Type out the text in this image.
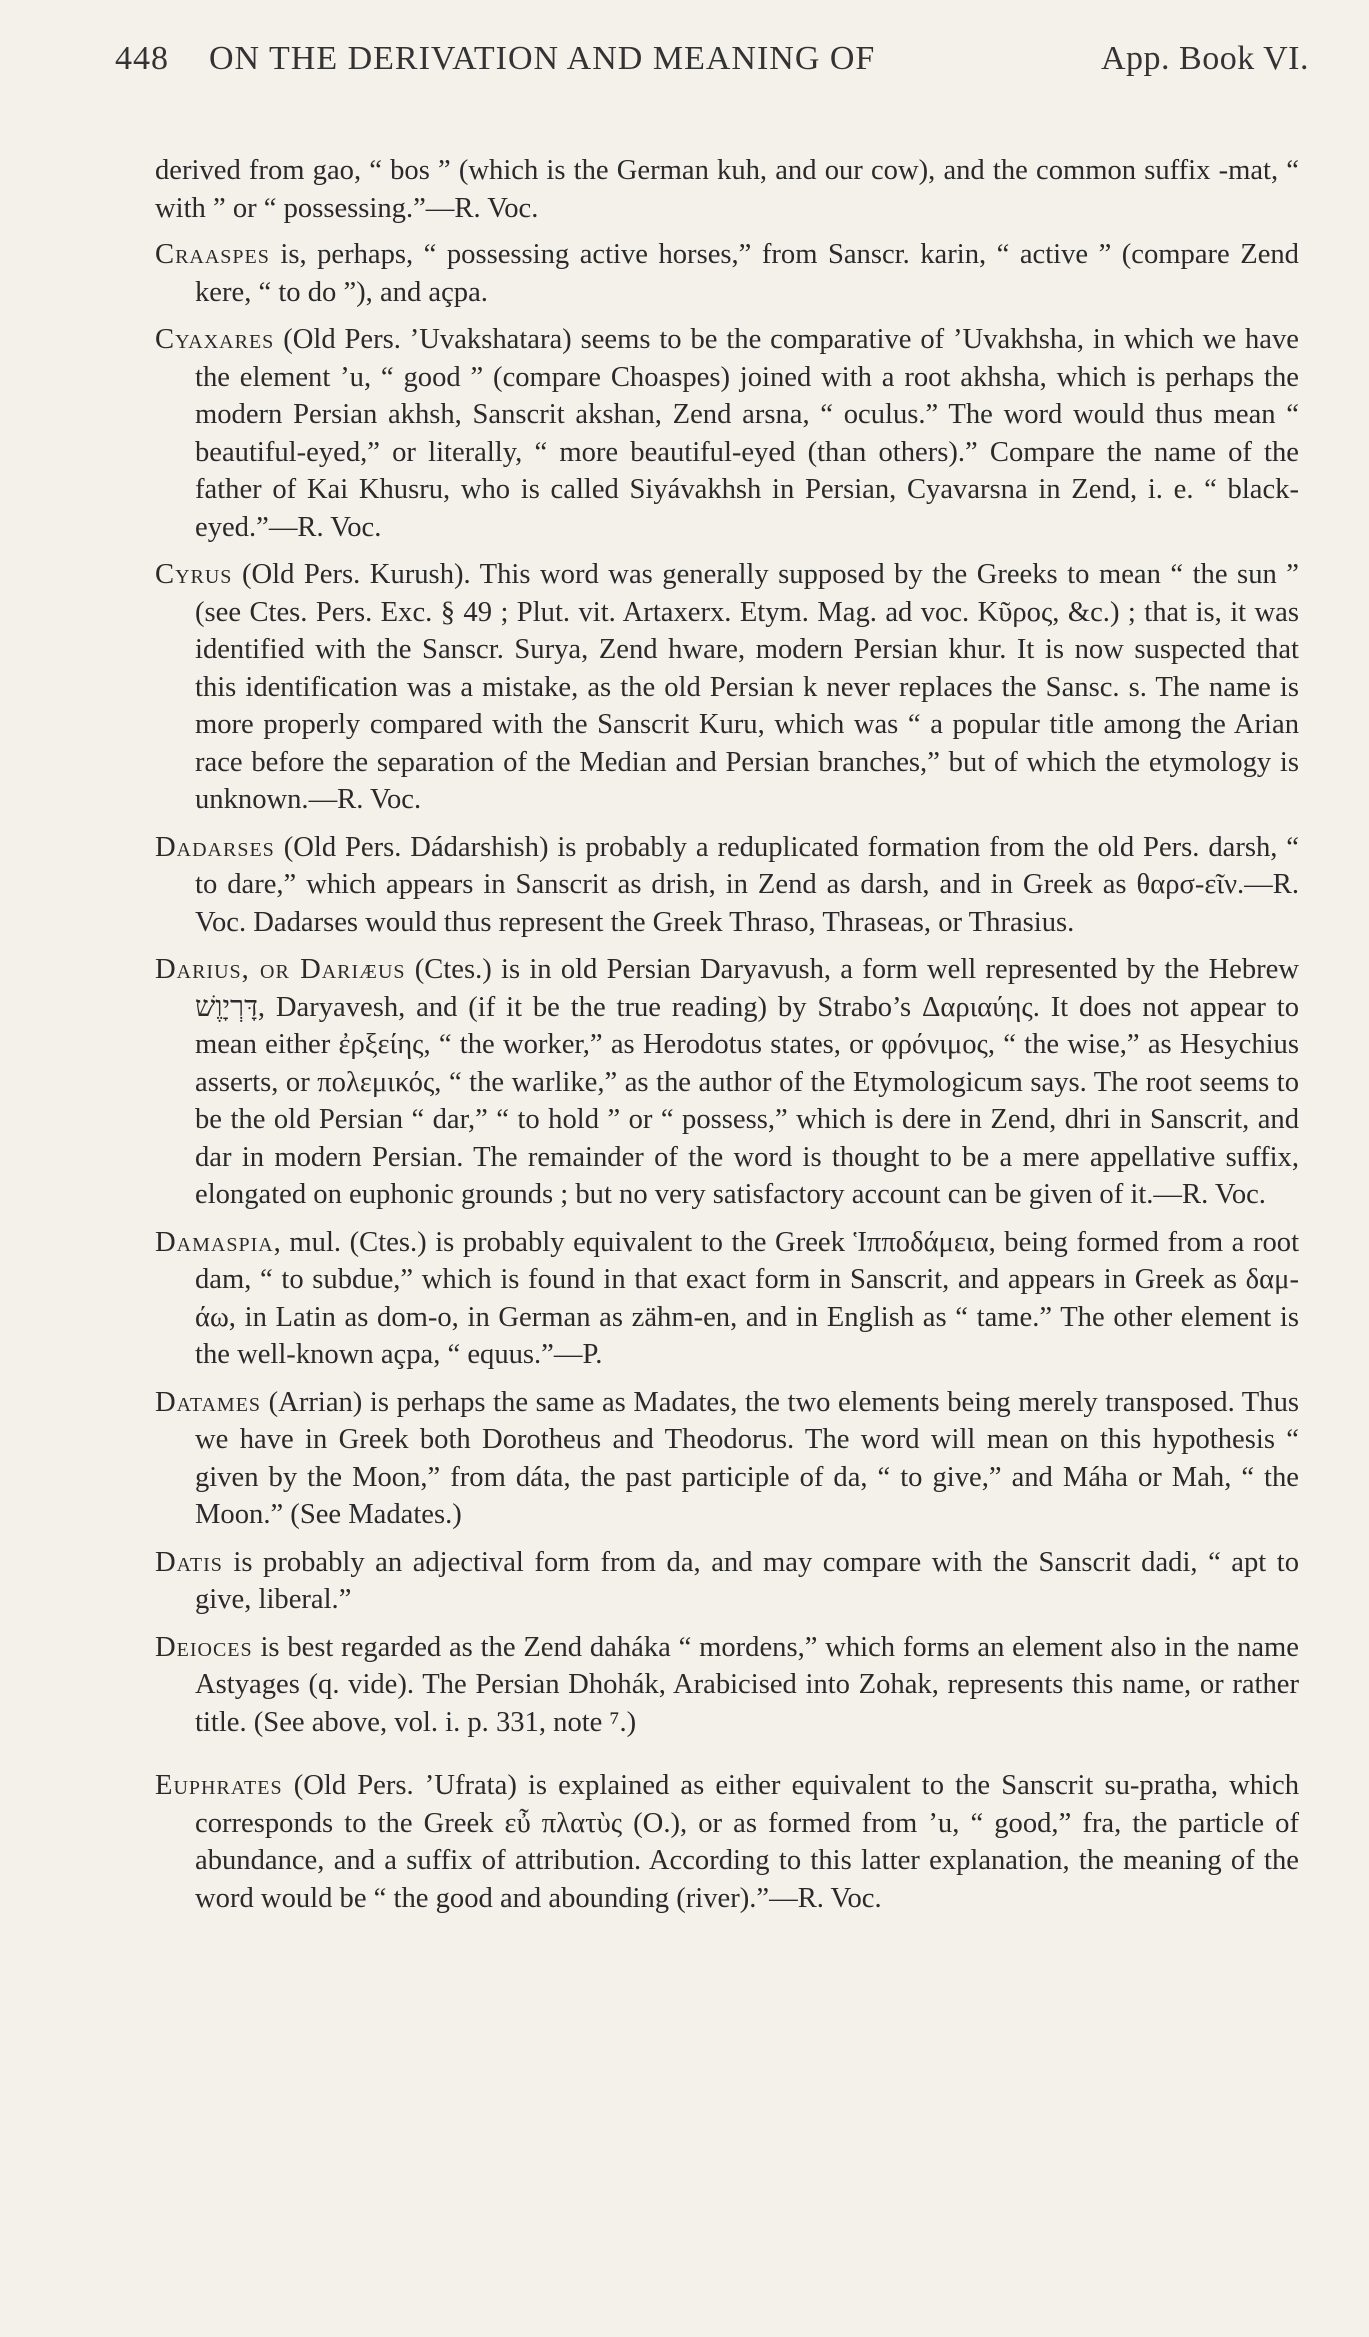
448 ON THE DERIVATION AND MEANING OF	App. Book VI.

derived from gao, “ bos ” (which is the German kuh, and our cow), and the common suffix -mat, “ with ” or “ possessing.”—R. Voc.

Craaspes is, perhaps, “ possessing active horses,” from Sanscr. karin, “ active ” (compare Zend kere, “ to do ”), and açpa.

Cyaxares (Old Pers. ’Uvakshatara) seems to be the comparative of ’Uvakhsha, in which we have the element ’u, “ good ” (compare Choaspes) joined with a root akhsha, which is perhaps the modern Persian akhsh, Sanscrit akshan, Zend arsna, “ oculus.” The word would thus mean “ beautiful-eyed,” or literally, “ more beautiful-eyed (than others).” Compare the name of the father of Kai Khusru, who is called Siyávakhsh in Persian, Cyavarsna in Zend, i. e. “ black-eyed.”—R. Voc.

Cyrus (Old Pers. Kurush). This word was generally supposed by the Greeks to mean “ the sun ” (see Ctes. Pers. Exc. § 49 ; Plut. vit. Artaxerx. Etym. Mag. ad voc. Κῦρος, &c.) ; that is, it was identified with the Sanscr. Surya, Zend hware, modern Persian khur. It is now suspected that this identification was a mistake, as the old Persian k never replaces the Sansc. s. The name is more properly compared with the Sanscrit Kuru, which was “ a popular title among the Arian race before the separation of the Median and Persian branches,” but of which the etymology is unknown.—R. Voc.

Dadarses (Old Pers. Dádarshish) is probably a reduplicated formation from the old Pers. darsh, “ to dare,” which appears in Sanscrit as drish, in Zend as darsh, and in Greek as θαρσ-εῖν.—R. Voc. Dadarses would thus represent the Greek Thraso, Thraseas, or Thrasius.

Darius, or Dariæus (Ctes.) is in old Persian Daryavush, a form well represented by the Hebrew דָּרְיָוֶשׁ, Daryavesh, and (if it be the true reading) by Strabo’s Δαριαύης. It does not appear to mean either ἐρξείης, “ the worker,” as Herodotus states, or φρόνιμος, “ the wise,” as Hesychius asserts, or πολεμικός, “ the warlike,” as the author of the Etymologicum says. The root seems to be the old Persian “ dar,” “ to hold ” or “ possess,” which is dere in Zend, dhri in Sanscrit, and dar in modern Persian. The remainder of the word is thought to be a mere appellative suffix, elongated on euphonic grounds ; but no very satisfactory account can be given of it.—R. Voc.

Damaspia, mul. (Ctes.) is probably equivalent to the Greek Ἱπποδάμεια, being formed from a root dam, “ to subdue,” which is found in that exact form in Sanscrit, and appears in Greek as δαμ-άω, in Latin as dom-o, in German as zähm-en, and in English as “ tame.” The other element is the well-known açpa, “ equus.”—P.

Datames (Arrian) is perhaps the same as Madates, the two elements being merely transposed. Thus we have in Greek both Dorotheus and Theodorus. The word will mean on this hypothesis “ given by the Moon,” from dáta, the past participle of da, “ to give,” and Máha or Mah, “ the Moon.” (See Madates.)

Datis is probably an adjectival form from da, and may compare with the Sanscrit dadi, “ apt to give, liberal.”

Deioces is best regarded as the Zend daháka “ mordens,” which forms an element also in the name Astyages (q. vide). The Persian Dhohák, Arabicised into Zohak, represents this name, or rather title. (See above, vol. i. p. 331, note ⁷.)

Euphrates (Old Pers. ’Ufrata) is explained as either equivalent to the Sanscrit su-pratha, which corresponds to the Greek εὖ πλατὺς (O.), or as formed from ’u, “ good,” fra, the particle of abundance, and a suffix of attribution. According to this latter explanation, the meaning of the word would be “ the good and abounding (river).”—R. Voc.
